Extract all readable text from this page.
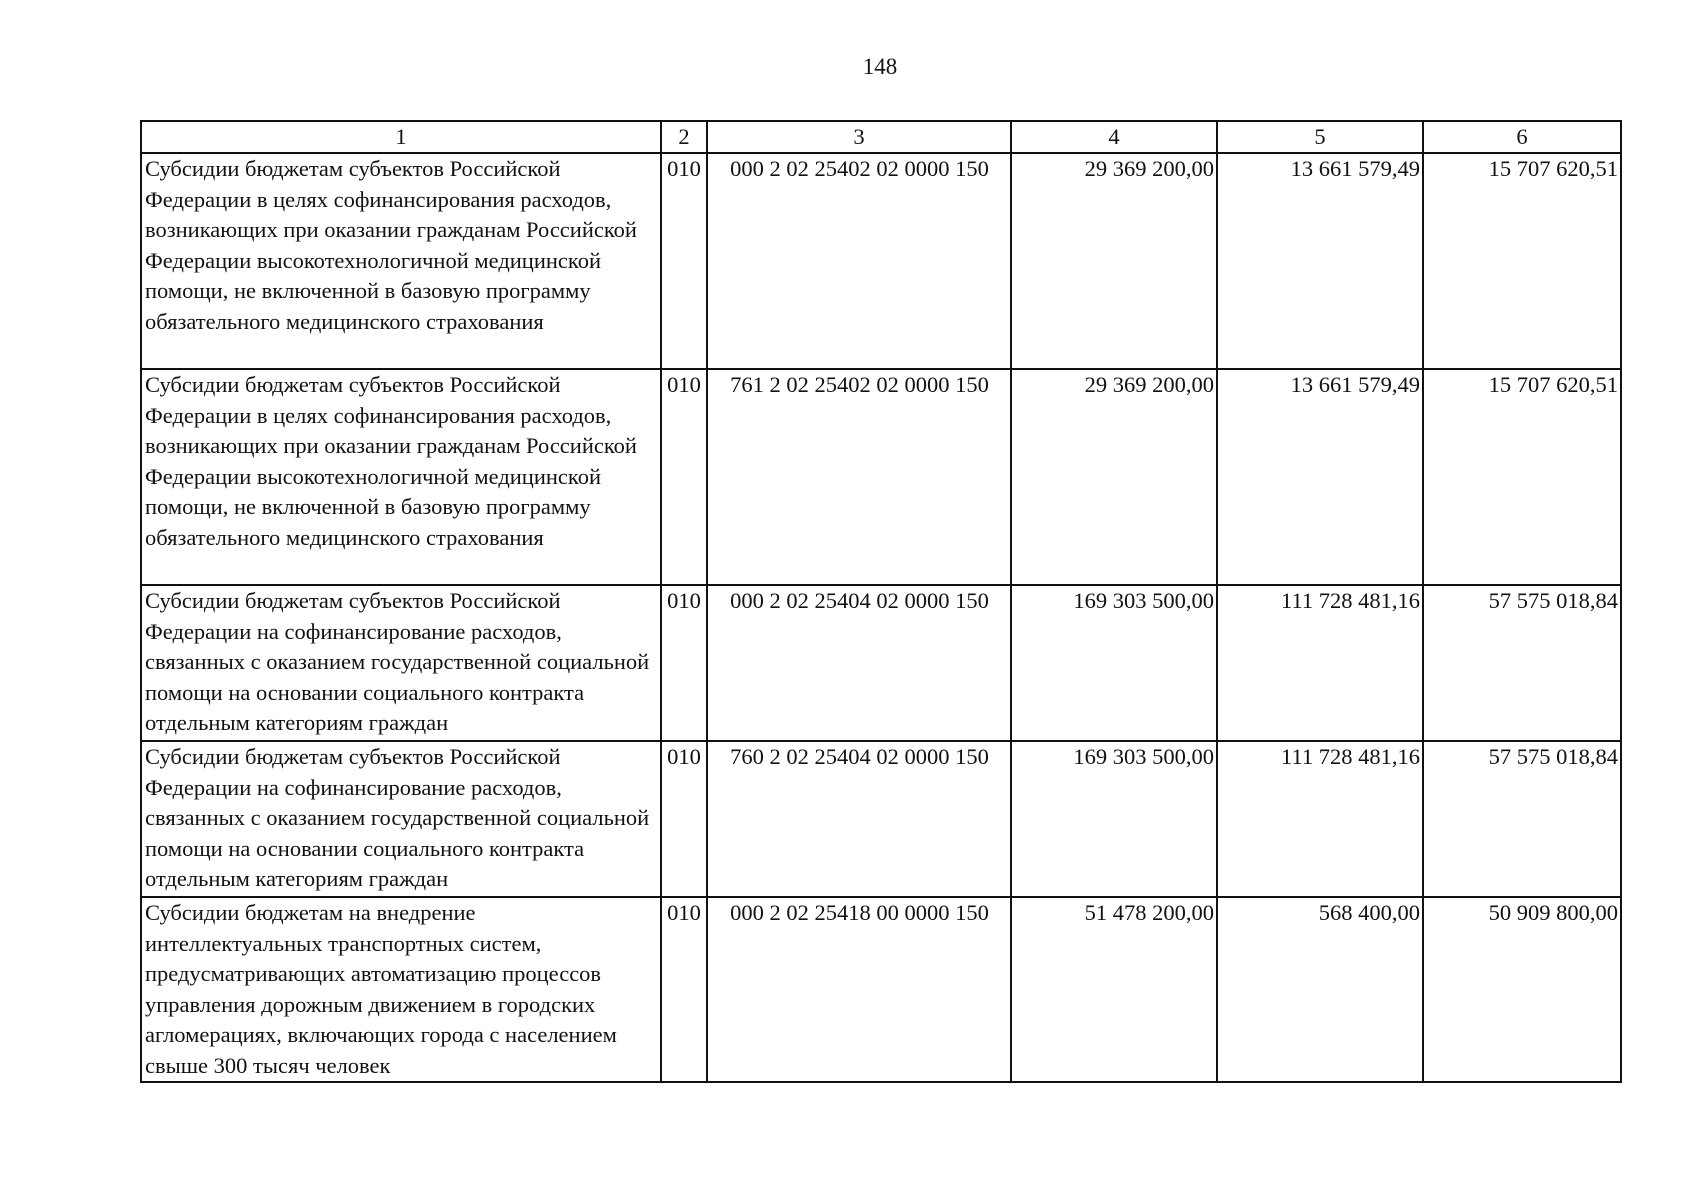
148
1	2	3	4	5	6
Субсидии бюджетам субъектов Российской Федерации в целях софинансирования расходов, возникающих при оказании гражданам Российской Федерации высокотехнологичной медицинской помощи, не включенной в базовую программу обязательного медицинского страхования	010	000 2 02 25402 02 0000 150	29 369 200,00	13 661 579,49	15 707 620,51
Субсидии бюджетам субъектов Российской Федерации в целях софинансирования расходов, возникающих при оказании гражданам Российской Федерации высокотехнологичной медицинской помощи, не включенной в базовую программу обязательного медицинского страхования	010	761 2 02 25402 02 0000 150	29 369 200,00	13 661 579,49	15 707 620,51
Субсидии бюджетам субъектов Российской Федерации на софинансирование расходов, связанных с оказанием государственной социальной помощи на основании социального контракта отдельным категориям граждан	010	000 2 02 25404 02 0000 150	169 303 500,00	111 728 481,16	57 575 018,84
Субсидии бюджетам субъектов Российской Федерации на софинансирование расходов, связанных с оказанием государственной социальной помощи на основании социального контракта отдельным категориям граждан	010	760 2 02 25404 02 0000 150	169 303 500,00	111 728 481,16	57 575 018,84
Субсидии бюджетам на внедрение интеллектуальных транспортных систем, предусматривающих автоматизацию процессов управления дорожным движением в городских агломерациях, включающих города с населением свыше 300 тысяч человек	010	000 2 02 25418 00 0000 150	51 478 200,00	568 400,00	50 909 800,00
